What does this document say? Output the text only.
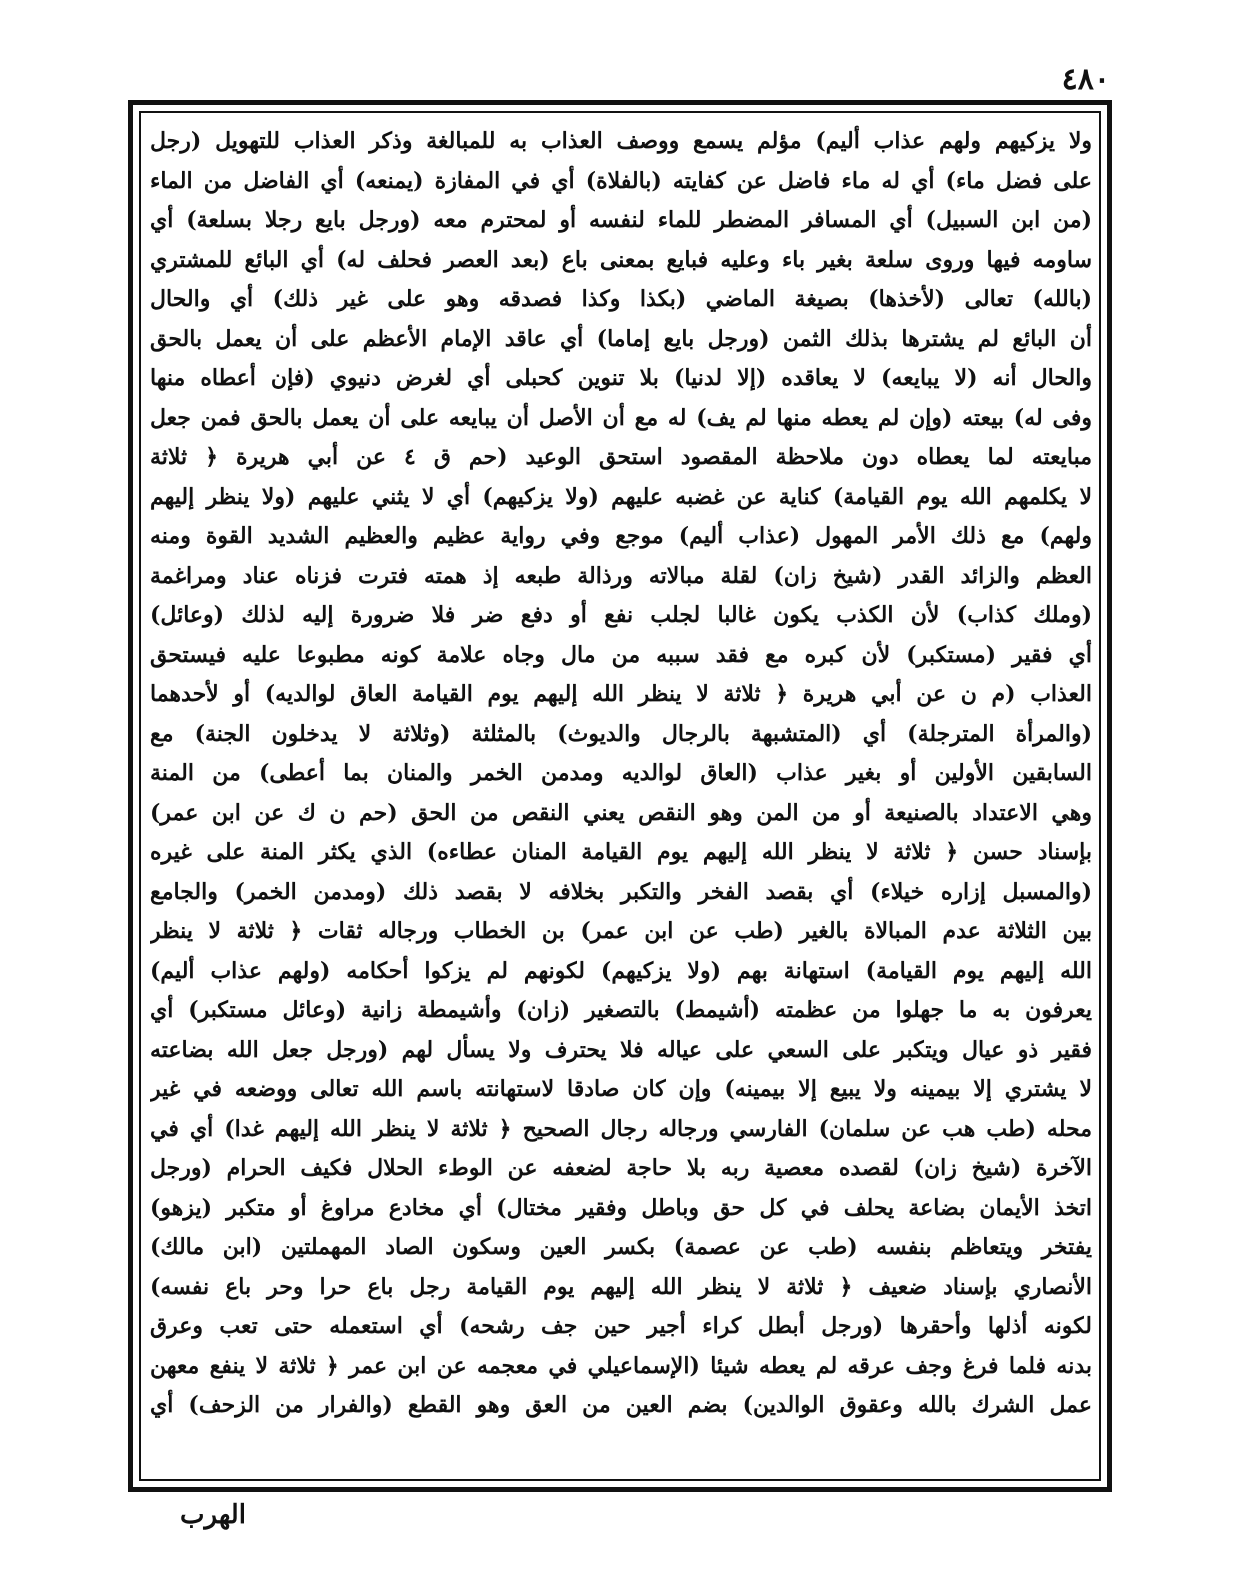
٤٨٠
ولا يزكيهم ولهم عذاب أليم) مؤلم يسمع ووصف العذاب به للمبالغة وذكر العذاب للتهويل (رجل
على فضل ماء) أي له ماء فاضل عن كفايته (بالفلاة) أي في المفازة (يمنعه) أي الفاضل من الماء
(من ابن السبيل) أي المسافر المضطر للماء لنفسه أو لمحترم معه (ورجل بايع رجلا بسلعة) أي
ساومه فيها وروى سلعة بغير باء وعليه فبايع بمعنى باع (بعد العصر فحلف له) أي البائع للمشتري
(بالله) تعالى (لأخذها) بصيغة الماضي (بكذا وكذا فصدقه وهو على غير ذلك) أي والحال
أن البائع لم يشترها بذلك الثمن (ورجل بايع إماما) أي عاقد الإمام الأعظم على أن يعمل بالحق
والحال أنه (لا يبايعه) لا يعاقده (إلا لدنيا) بلا تنوين كحبلى أي لغرض دنيوي (فإن أعطاه منها
وفى له) بيعته (وإن لم يعطه منها لم يف) له مع أن الأصل أن يبايعه على أن يعمل بالحق فمن جعل
مبايعته لما يعطاه دون ملاحظة المقصود استحق الوعيد (حم ق ٤ عن أبي هريرة ﴿ ثلاثة
لا يكلمهم الله يوم القيامة) كناية عن غضبه عليهم (ولا يزكيهم) أي لا يثني عليهم (ولا ينظر إليهم
ولهم) مع ذلك الأمر المهول (عذاب أليم) موجع وفي رواية عظيم والعظيم الشديد القوة ومنه
العظم والزائد القدر (شيخ زان) لقلة مبالاته ورذالة طبعه إذ همته فترت فزناه عناد ومراغمة
(وملك كذاب) لأن الكذب يكون غالبا لجلب نفع أو دفع ضر فلا ضرورة إليه لذلك (وعائل)
أي فقير (مستكبر) لأن كبره مع فقد سببه من مال وجاه علامة كونه مطبوعا عليه فيستحق
العذاب (م ن عن أبي هريرة ﴿ ثلاثة لا ينظر الله إليهم يوم القيامة العاق لوالديه) أو لأحدهما
(والمرأة المترجلة) أي (المتشبهة بالرجال والديوث) بالمثلثة (وثلاثة لا يدخلون الجنة) مع
السابقين الأولين أو بغير عذاب (العاق لوالديه ومدمن الخمر والمنان بما أعطى) من المنة
وهي الاعتداد بالصنيعة أو من المن وهو النقص يعني النقص من الحق (حم ن ك عن ابن عمر)
بإسناد حسن ﴿ ثلاثة لا ينظر الله إليهم يوم القيامة المنان عطاءه) الذي يكثر المنة على غيره
(والمسبل إزاره خيلاء) أي بقصد الفخر والتكبر بخلافه لا بقصد ذلك (ومدمن الخمر) والجامع
بين الثلاثة عدم المبالاة بالغير (طب عن ابن عمر) بن الخطاب ورجاله ثقات ﴿ ثلاثة لا ينظر
الله إليهم يوم القيامة) استهانة بهم (ولا يزكيهم) لكونهم لم يزكوا أحكامه (ولهم عذاب أليم)
يعرفون به ما جهلوا من عظمته (أشيمط) بالتصغير (زان) وأشيمطة زانية (وعائل مستكبر) أي
فقير ذو عيال ويتكبر على السعي على عياله فلا يحترف ولا يسأل لهم (ورجل جعل الله بضاعته
لا يشتري إلا بيمينه ولا يبيع إلا بيمينه) وإن كان صادقا لاستهانته باسم الله تعالى ووضعه في غير
محله (طب هب عن سلمان) الفارسي ورجاله رجال الصحيح ﴿ ثلاثة لا ينظر الله إليهم غدا) أي في
الآخرة (شيخ زان) لقصده معصية ربه بلا حاجة لضعفه عن الوطء الحلال فكيف الحرام (ورجل
اتخذ الأيمان بضاعة يحلف في كل حق وباطل وفقير مختال) أي مخادع مراوغ أو متكبر (يزهو)
يفتخر ويتعاظم بنفسه (طب عن عصمة) بكسر العين وسكون الصاد المهملتين (ابن مالك)
الأنصاري بإسناد ضعيف ﴿ ثلاثة لا ينظر الله إليهم يوم القيامة رجل باع حرا وحر باع نفسه)
لكونه أذلها وأحقرها (ورجل أبطل كراء أجير حين جف رشحه) أي استعمله حتى تعب وعرق
بدنه فلما فرغ وجف عرقه لم يعطه شيئا (الإسماعيلي في معجمه عن ابن عمر ﴿ ثلاثة لا ينفع معهن
عمل الشرك بالله وعقوق الوالدين) بضم العين من العق وهو القطع (والفرار من الزحف) أي
الهرب
